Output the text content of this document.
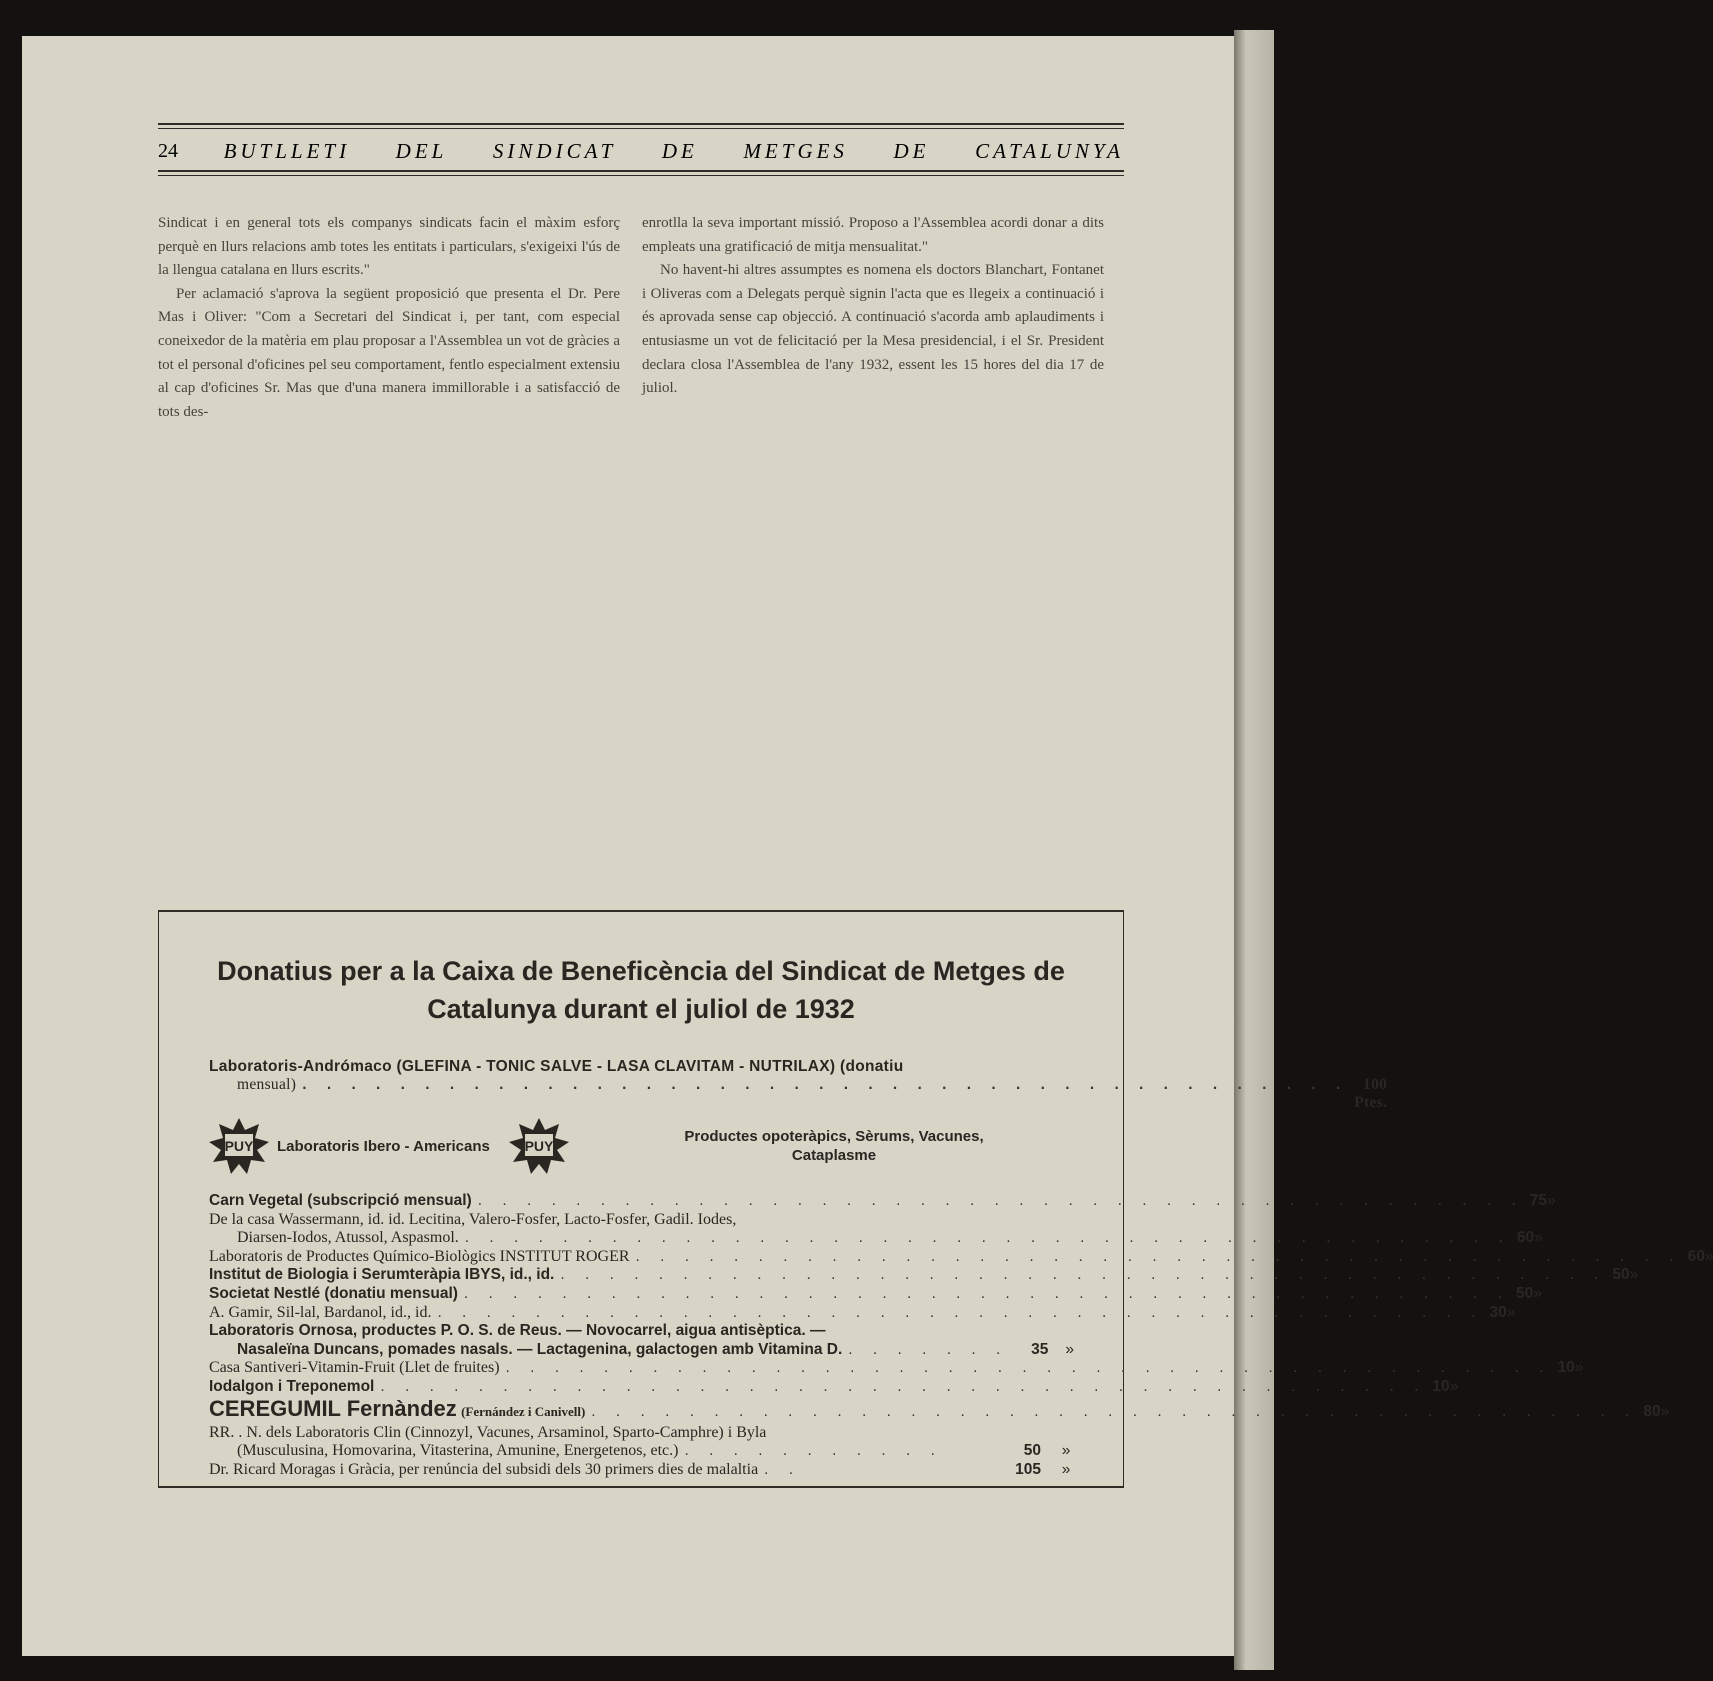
24 BUTLLETI DEL SINDICAT DE METGES DE CATALUNYA

Sindicat i en general tots els companys sindicats facin el màxim esforç perquè en llurs relacions amb totes les entitats i particulars, s'exigeixi l'ús de la llengua catalana en llurs escrits."

Per aclamació s'aprova la següent proposició que presenta el Dr. Pere Mas i Oliver: "Com a Secretari del Sindicat i, per tant, com especial coneixedor de la matèria em plau proposar a l'Assemblea un vot de gràcies a tot el personal d'oficines pel seu comportament, fentlo especialment extensiu al cap d'oficines Sr. Mas que d'una manera immillorable i a satisfacció de tots des-

enrotlla la seva important missió. Proposo a l'Assemblea acordi donar a dits empleats una gratificació de mitja mensualitat."

No havent-hi altres assumptes es nomena els doctors Blanchart, Fontanet i Oliveras com a Delegats perquè signin l'acta que es llegeix a continuació i és aprovada sense cap objecció. A continuació s'acorda amb aplaudiments i entusiasme un vot de felicitació per la Mesa presidencial, i el Sr. President declara closa l'Assemblea de l'any 1932, essent les 15 hores del dia 17 de juliol.

Donatius per a la Caixa de Beneficència del Sindicat de Metges de Catalunya durant el juliol de 1932
Laboratoris-Andrómaco (GLEFINA - TONIC SALVE - LASA CLAVITAM - NUTRILAX) (donatiu
mensual) . . . . . . . . . . . . . . . . . . . . . . . . . . . . . . . . . . . . . . . . . . . 100 Ptes.
PUY Laboratoris Ibero - Americans	PUY
Productes opoteràpics, Sèrums, Vacunes,
Cataplasme
Carn Vegetal (subscripció mensual) . . . . . . . . . . . . . . . . . . . . . . . . . . . . . . . . . . . . . . . . . . . 75 »
De la casa Wassermann, id. id. Lecitina, Valero-Fosfer, Lacto-Fosfer, Gadil. Iodes,
Diarsen-Iodos, Atussol, Aspasmol. . . . . . . . . . . . . . . . . . . . . . . . . . . . . . . . . . . . . . . . . . . . 60 »
Laboratoris de Productes Químico-Biològics INSTITUT ROGER . . . . . . . . . . . . . . . . . . . . . . . . . . . . . . . . . . . . . . . . . . . 60 »
Institut de Biologia i Serumteràpia IBYS, id., id. . . . . . . . . . . . . . . . . . . . . . . . . . . . . . . . . . . . . . . . . . . . 50 »
Societat Nestlé (donatiu mensual) . . . . . . . . . . . . . . . . . . . . . . . . . . . . . . . . . . . . . . . . . . . 50 »
A. Gamir, Sil-lal, Bardanol, id., id. . . . . . . . . . . . . . . . . . . . . . . . . . . . . . . . . . . . . . . . . . . . 30 »
Laboratoris Ornosa, productes P. O. S. de Reus. — Novocarrel, aigua antisèptica. —
Nasaleïna Duncans, pomades nasals. — Lactagenina, galactogen amb Vitamina D. . . . . . . .	35	»
Casa Santiveri-Vitamin-Fruit (Llet de fruites) . . . . . . . . . . . . . . . . . . . . . . . . . . . . . . . . . . . . . . . . . . . 10 »
Iodalgon i Treponemol . . . . . . . . . . . . . . . . . . . . . . . . . . . . . . . . . . . . . . . . . . . 10 »
CEREGUMIL Fernàndez (Fernández i Canivell) . . . . . . . . . . . . . . . . . . . . . . . . . . . . . . . . . . . . . . . . . . . 80 »
RR. . N. dels Laboratoris Clin (Cinnozyl, Vacunes, Arsaminol, Sparto-Camphre) i Byla
(Musculusina, Homovarina, Vitasterina, Amunine, Energetenos, etc.) . . . . . . . . . . .	50	»
Dr. Ricard Moragas i Gràcia, per renúncia del subsidi dels 30 primers dies de malaltia . .	105	»
